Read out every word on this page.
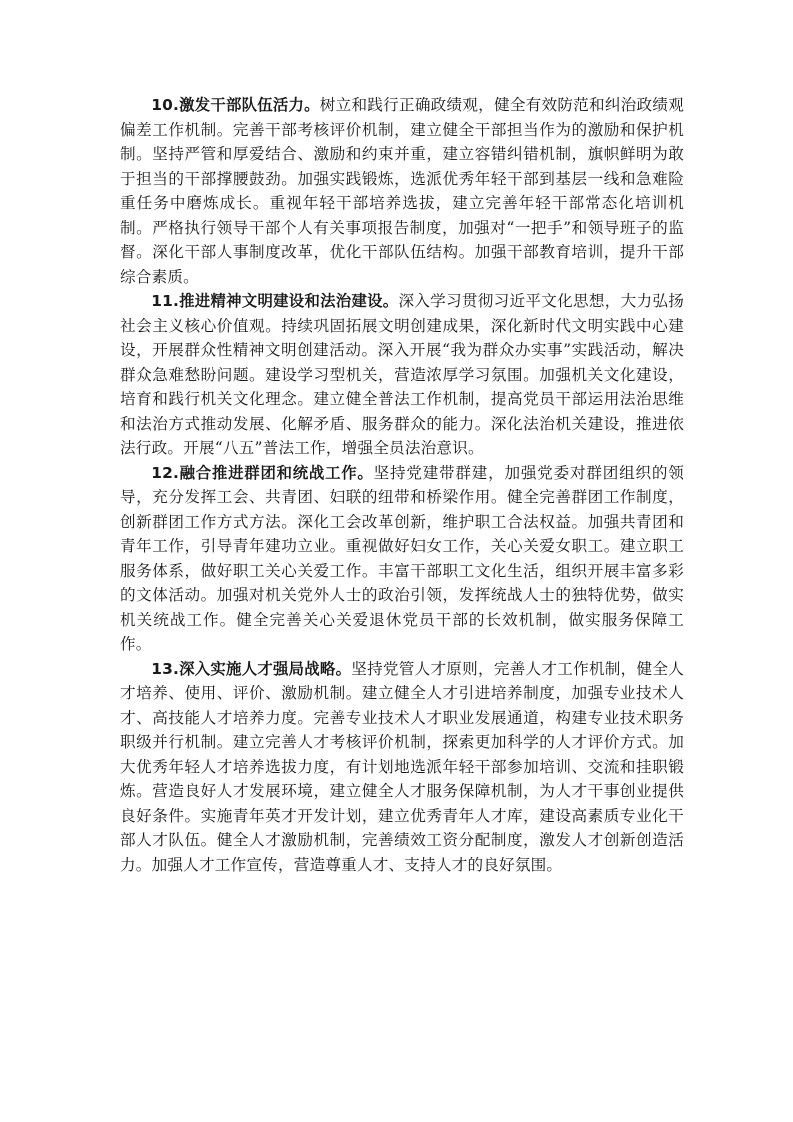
10.激发干部队伍活力。树立和践行正确政绩观，健全有效防范和纠治政绩观偏差工作机制。完善干部考核评价机制，建立健全干部担当作为的激励和保护机制。坚持严管和厚爱结合、激励和约束并重，建立容错纠错机制，旗帜鲜明为敢于担当的干部撑腰鼓劲。加强实践锻炼，选派优秀年轻干部到基层一线和急难险重任务中磨炼成长。重视年轻干部培养选拔，建立完善年轻干部常态化培训机制。严格执行领导干部个人有关事项报告制度，加强对“一把手”和领导班子的监督。深化干部人事制度改革，优化干部队伍结构。加强干部教育培训，提升干部综合素质。

11.推进精神文明建设和法治建设。深入学习贯彻习近平文化思想，大力弘扬社会主义核心价值观。持续巩固拓展文明创建成果，深化新时代文明实践中心建设，开展群众性精神文明创建活动。深入开展“我为群众办实事”实践活动，解决群众急难愁盼问题。建设学习型机关，营造浓厚学习氛围。加强机关文化建设，培育和践行机关文化理念。建立健全普法工作机制，提高党员干部运用法治思维和法治方式推动发展、化解矛盾、服务群众的能力。深化法治机关建设，推进依法行政。开展“八五”普法工作，增强全员法治意识。

12.融合推进群团和统战工作。坚持党建带群建，加强党委对群团组织的领导，充分发挥工会、共青团、妇联的纽带和桥梁作用。健全完善群团工作制度，创新群团工作方式方法。深化工会改革创新，维护职工合法权益。加强共青团和青年工作，引导青年建功立业。重视做好妇女工作，关心关爱女职工。建立职工服务体系，做好职工关心关爱工作。丰富干部职工文化生活，组织开展丰富多彩的文体活动。加强对机关党外人士的政治引领，发挥统战人士的独特优势，做实机关统战工作。健全完善关心关爱退休党员干部的长效机制，做实服务保障工作。

13.深入实施人才强局战略。坚持党管人才原则，完善人才工作机制，健全人才培养、使用、评价、激励机制。建立健全人才引进培养制度，加强专业技术人才、高技能人才培养力度。完善专业技术人才职业发展通道，构建专业技术职务职级并行机制。建立完善人才考核评价机制，探索更加科学的人才评价方式。加大优秀年轻人才培养选拔力度，有计划地选派年轻干部参加培训、交流和挂职锻炼。营造良好人才发展环境，建立健全人才服务保障机制，为人才干事创业提供良好条件。实施青年英才开发计划，建立优秀青年人才库，建设高素质专业化干部人才队伍。健全人才激励机制，完善绩效工资分配制度，激发人才创新创造活力。加强人才工作宣传，营造尊重人才、支持人才的良好氛围。
